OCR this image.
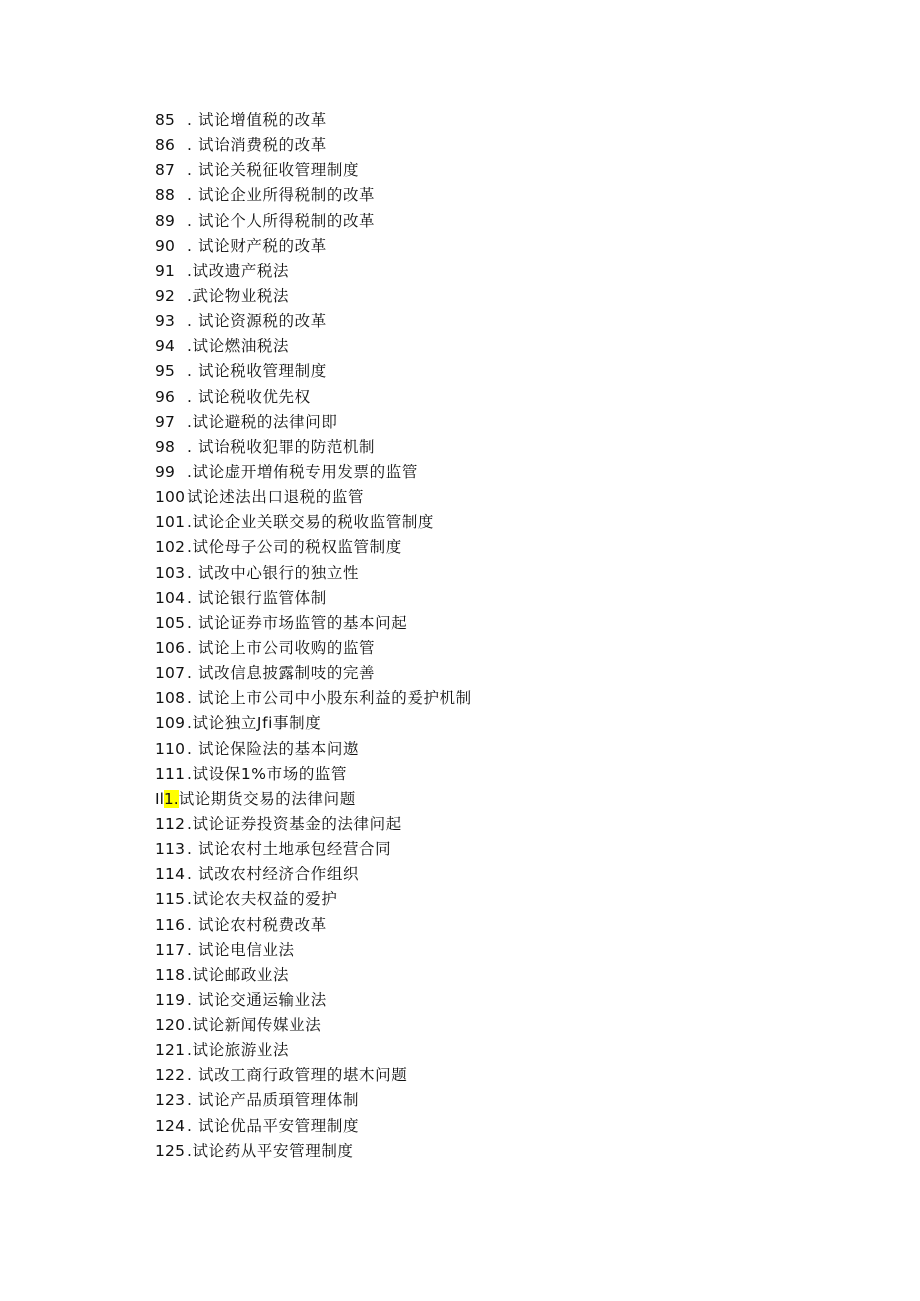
85 . 试论增值税的改革
86 . 试诒消费税的改革
87 . 试论关税征收管理制度
88 . 试论企业所得税制的改革
89 . 试论个人所得税制的改革
90 . 试论财产税的改革
91 .试改遗产税法
92 .武论物业税法
93 . 试论资源税的改革
94 .试论燃油税法
95 . 试论税收管理制度
96 . 试论税收优先权
97 .试论避税的法律问即
98 . 试诒税收犯罪的防范机制
99 .试论虚开増侑税专用发票的监管
100 试论述法出口退税的监管
101 .试论企业关联交易的税收监管制度
102 .试伦母子公司的税权监管制度
103 . 试改中心银行的独立性
104 . 试论银行监管体制
105 . 试论证券市场监管的基本问起
106 . 试论上市公司收购的监管
107 . 试改信息披露制吱的完善
108 . 试论上市公司中小股东利益的爰护机制
109 .试论独立Jfi事制度
110 . 试论保险法的基本问遨
111 .试设保1%市场的监管
Il1.试论期货交易的法律问题
112 .试论证券投资基金的法律问起
113 . 试论农村土地承包经营合同
114 . 试改农村经济合作组织
115 .试论农夫权益的爱护
116 . 试论农村税费改革
117 . 试论电信业法
118 .试论邮政业法
119 . 试论交通运输业法
120 .试论新闻传媒业法
121 .试论旅游业法
122 . 试改工商行政管理的堪木问题
123 . 试论产品质頊管理体制
124 . 试论优品平安管理制度
125 .试论药从平安管理制度
